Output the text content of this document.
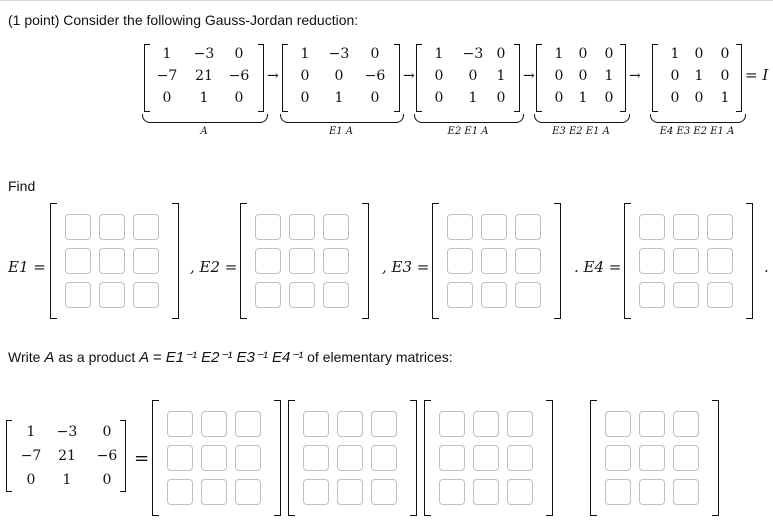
(1 point) Consider the following Gauss-Jordan reduction:
1	−3	0
−7	21	−6
0	1	0
A
→
1	−3	0
0	0	−6
0	1	0
E1 A
→
1	−3 0
0	0	1
0	1	0
E2 E1 A
→
1	0	0
0	0	1
0	1	0
E3 E2 E1 A
→
1	0	0
0	1	0
0	0	1
E4 E3 E2 E1 A
= I
Find
E1 =	, E2 =	, E3 =	. E4 =	.
Write A as a product A = E1⁻¹ E2⁻¹ E3⁻¹ E4⁻¹ of elementary matrices:
1	−3	0
−7	21	−6
0	1	0
=
